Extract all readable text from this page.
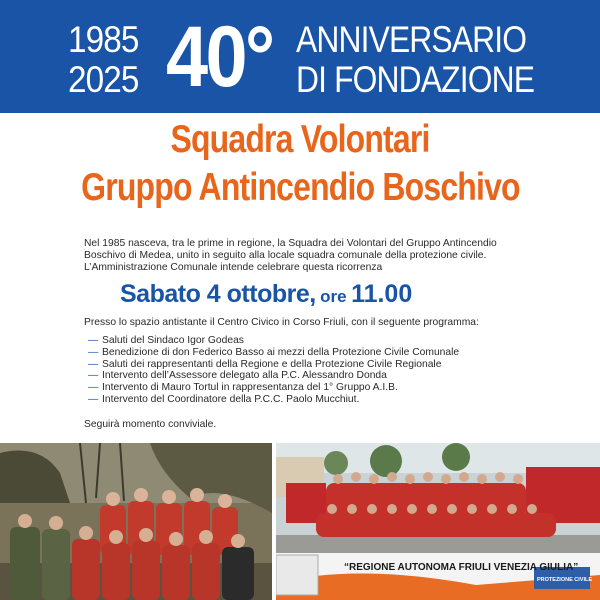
1985
2025 40° ANNIVERSARIO
DI FONDAZIONE
Squadra Volontari
Gruppo Antincendio Boschivo
Nel 1985 nasceva, tra le prime in regione, la Squadra dei Volontari del Gruppo Antincendio
Boschivo di Medea, unito in seguito alla locale squadra comunale della protezione civile.
L’Amministrazione Comunale intende celebrare questa ricorrenza
Sabato 4 ottobre, ore 11.00
Presso lo spazio antistante il Centro Civico in Corso Friuli, con il seguente programma:
— Saluti del Sindaco Igor Godeas
— Benedizione di don Federico Basso ai mezzi della Protezione Civile Comunale
— Saluti dei rappresentanti della Regione e della Protezione Civile Regionale
— Intervento dell’Assessore delegato alla P.C. Alessandro Donda
— Intervento di Mauro Tortul in rappresentanza del 1° Gruppo A.I.B.
— Intervento del Coordinatore della P.C.C. Paolo Mucchiut.
Seguirà momento conviviale.
“REGIONE AUTONOMA FRIULI VENEZIA GIULIA”
PROTEZIONE CIVILE
